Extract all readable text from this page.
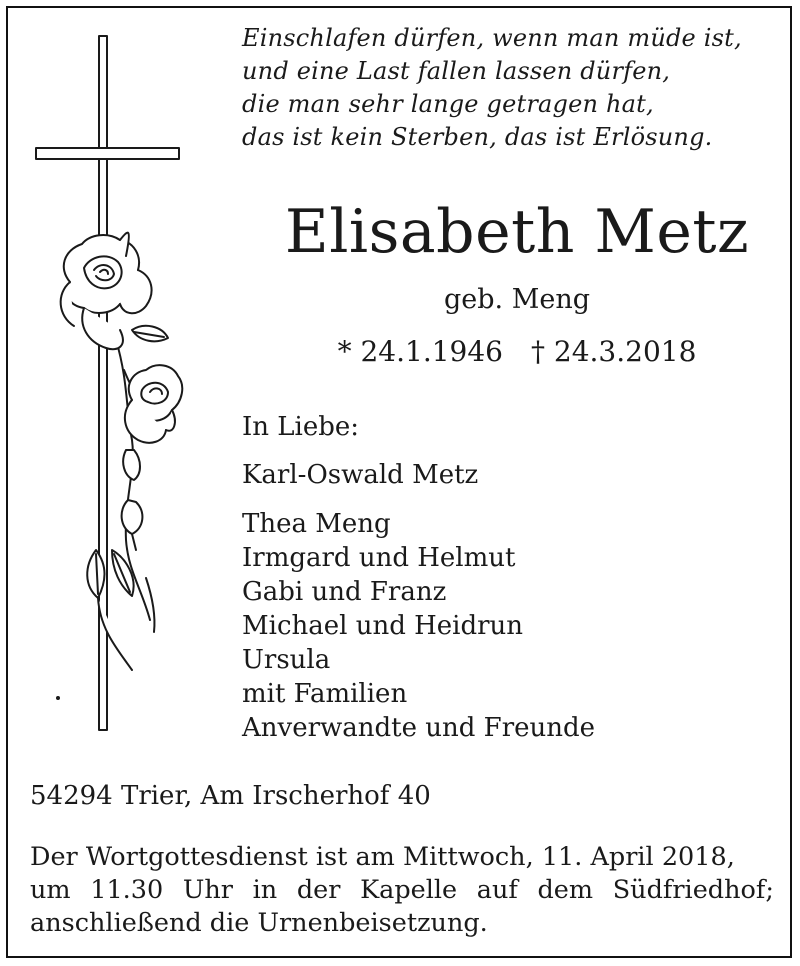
Einschlafen dürfen, wenn man müde ist,
und eine Last fallen lassen dürfen,
die man sehr lange getragen hat,
das ist kein Sterben, das ist Erlösung.
Elisabeth Metz
geb. Meng
* 24.1.1946 † 24.3.2018
In Liebe:
Karl-Oswald Metz
Thea Meng
Irmgard und Helmut
Gabi und Franz
Michael und Heidrun
Ursula
mit Familien
Anverwandte und Freunde
54294 Trier, Am Irscherhof 40
Der Wortgottesdienst ist am Mittwoch, 11. April 2018,
um 11.30 Uhr in der Kapelle auf dem Südfriedhof;
anschließend die Urnenbeisetzung.
